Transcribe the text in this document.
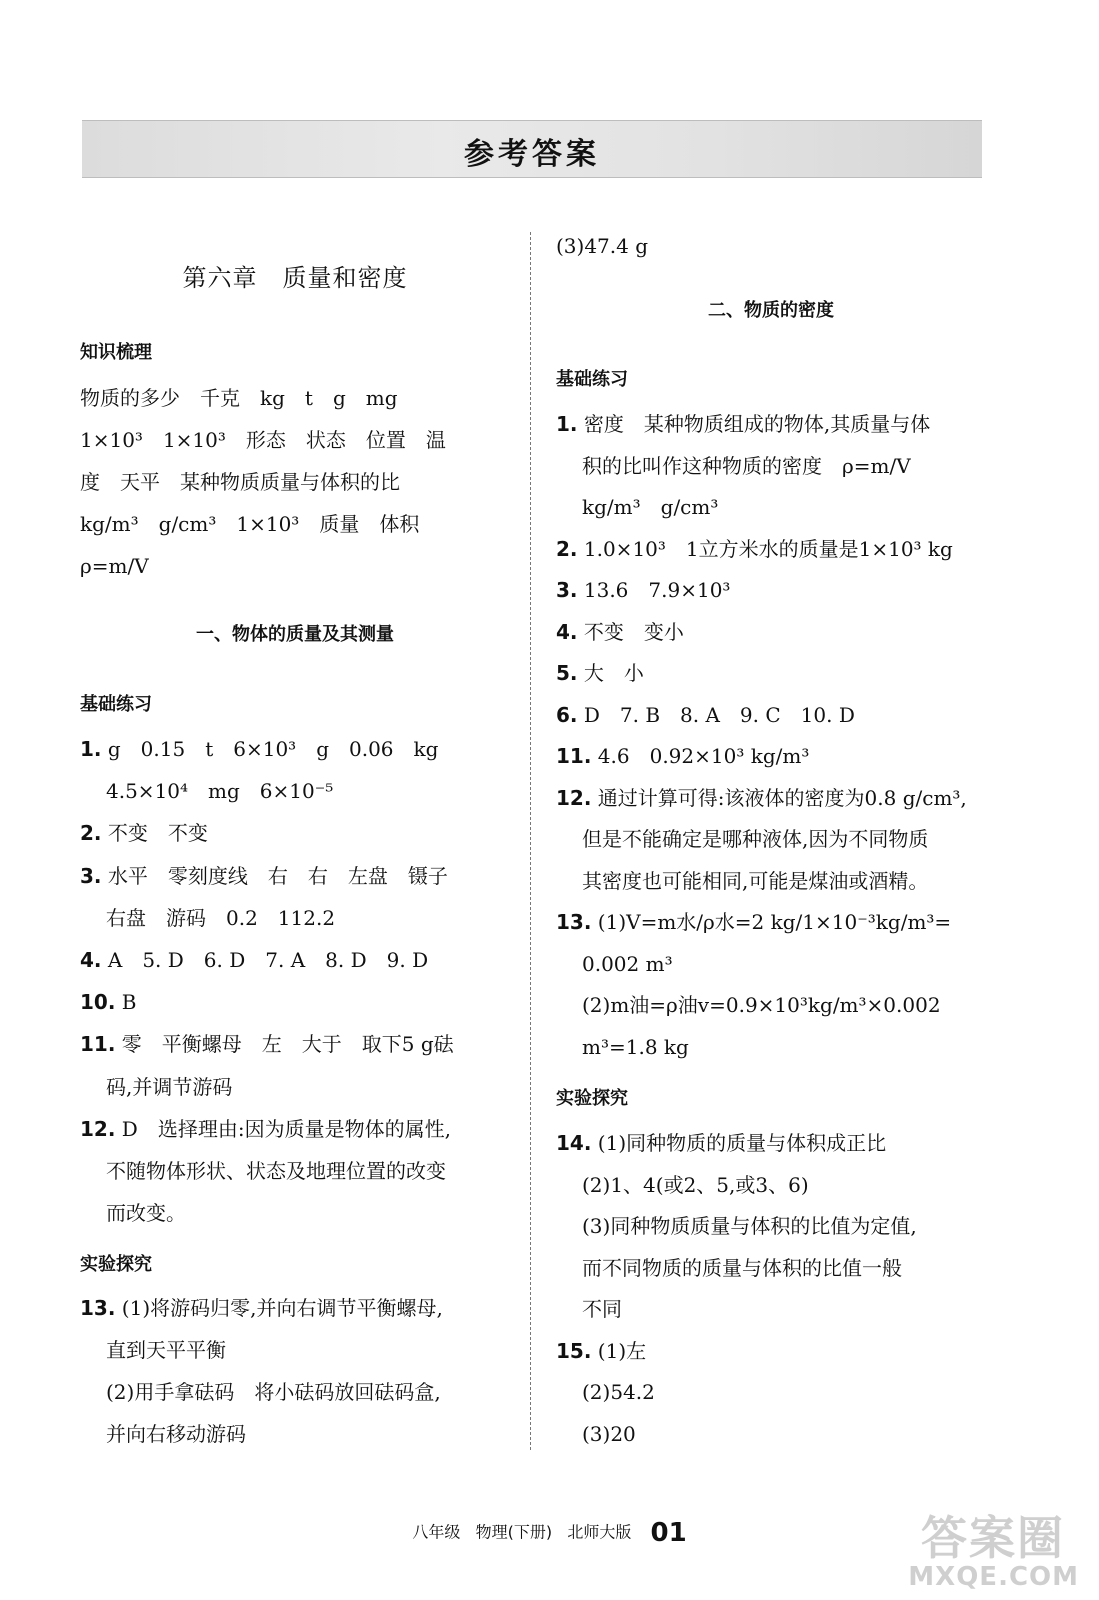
参考答案
第六章　质量和密度
知识梳理
物质的多少　千克　kg　t　g　mg
1×10³　1×10³　形态　状态　位置　温
度　天平　某种物质质量与体积的比
kg/m³　g/cm³　1×10³　质量　体积
ρ=m/V
一、物体的质量及其测量
基础练习
1. g　0.15　t　6×10³　g　0.06　kg
4.5×10⁴　mg　6×10⁻⁵
2. 不变　不变
3. 水平　零刻度线　右　右　左盘　镊子
右盘　游码　0.2　112.2
4. A　5. D　6. D　7. A　8. D　9. D
10. B
11. 零　平衡螺母　左　大于　取下5 g砝
码,并调节游码
12. D　选择理由:因为质量是物体的属性,
不随物体形状、状态及地理位置的改变
而改变。
实验探究
13. (1)将游码归零,并向右调节平衡螺母,
直到天平平衡
(2)用手拿砝码　将小砝码放回砝码盒,
并向右移动游码
(3)47.4 g
二、物质的密度
基础练习
1. 密度　某种物质组成的物体,其质量与体
积的比叫作这种物质的密度　ρ=m/V
kg/m³　g/cm³
2. 1.0×10³　1立方米水的质量是1×10³ kg
3. 13.6　7.9×10³
4. 不变　变小
5. 大　小
6. D　7. B　8. A　9. C　10. D
11. 4.6　0.92×10³ kg/m³
12. 通过计算可得:该液体的密度为0.8 g/cm³,
但是不能确定是哪种液体,因为不同物质
其密度也可能相同,可能是煤油或酒精。
13. (1)V=m水/ρ水=2 kg/1×10⁻³kg/m³=
0.002 m³
(2)m油=ρ油v=0.9×10³kg/m³×0.002
m³=1.8 kg
实验探究
14. (1)同种物质的质量与体积成正比
(2)1、4(或2、5,或3、6)
(3)同种物质质量与体积的比值为定值,
而不同物质的质量与体积的比值一般
不同
15. (1)左
(2)54.2
(3)20
八年级 物理(下册) 北师大版 01	答案圈
MXQE.COM
